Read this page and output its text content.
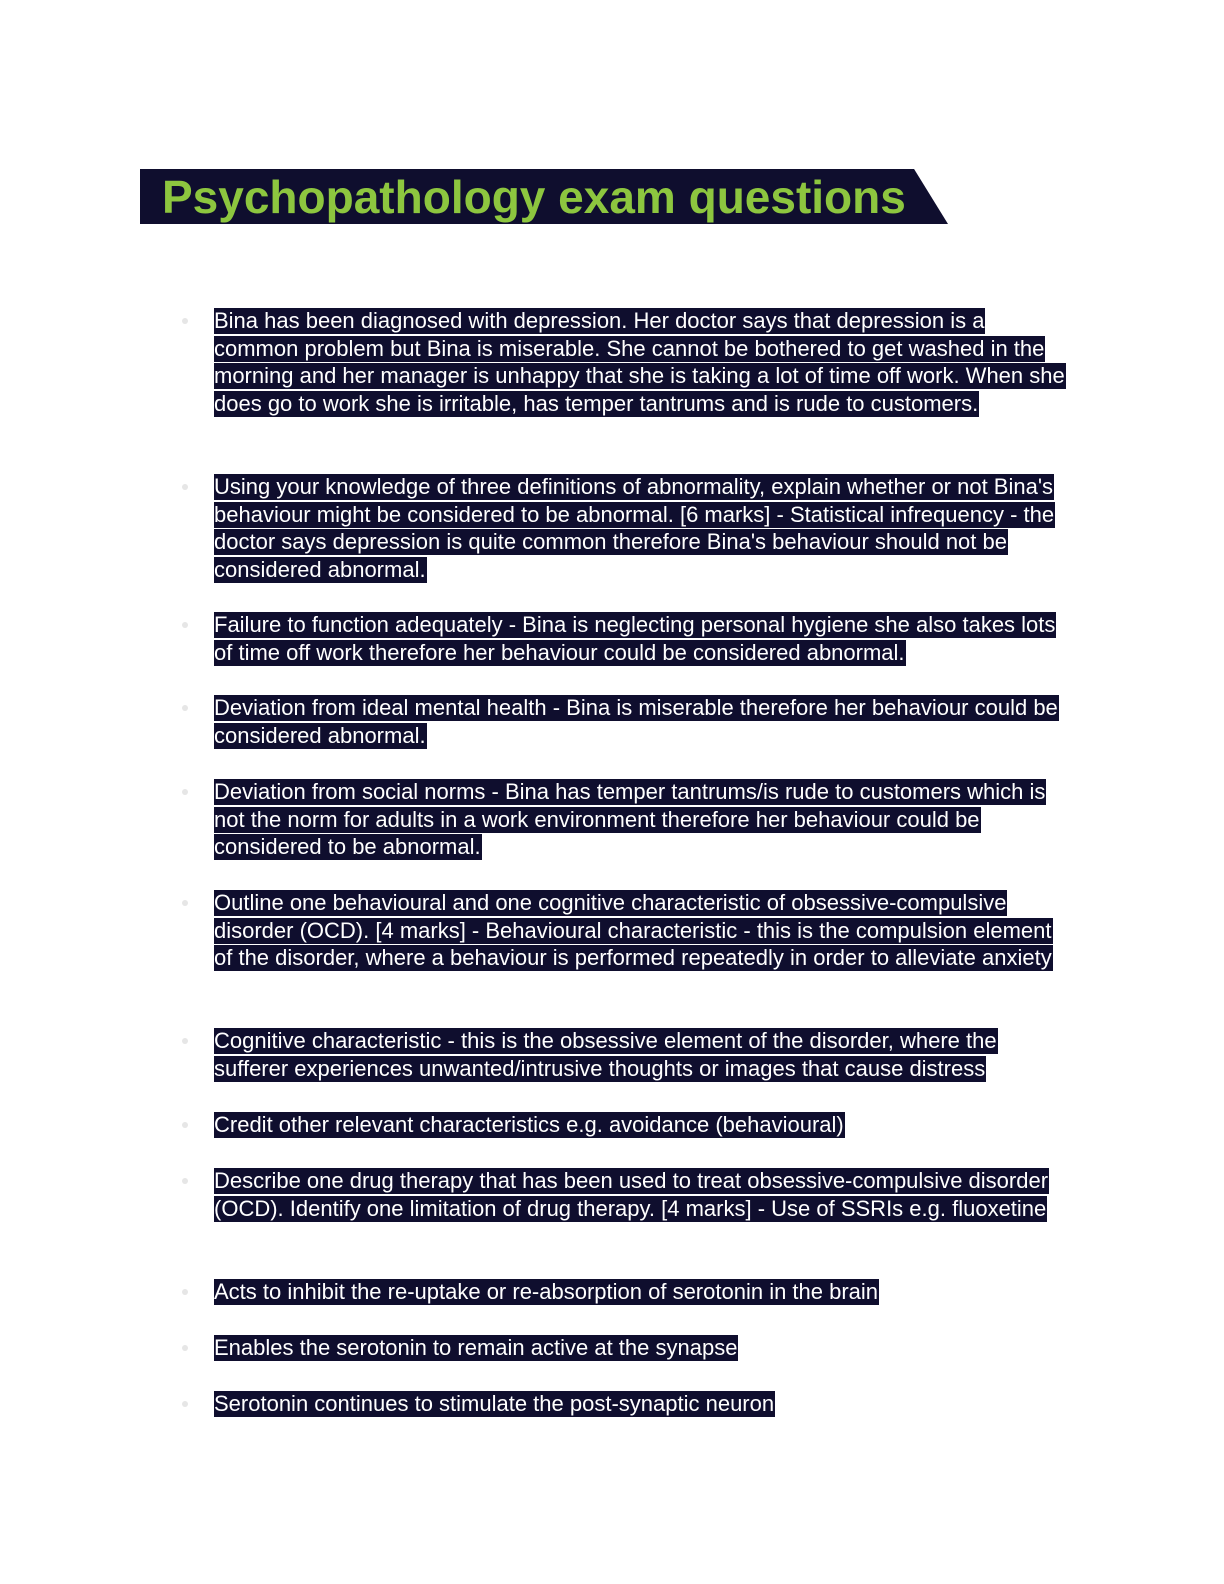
Psychopathology exam questions
Bina has been diagnosed with depression. Her doctor says that depression is a common problem but Bina is miserable. She cannot be bothered to get washed in the morning and her manager is unhappy that she is taking a lot of time off work. When she does go to work she is irritable, has temper tantrums and is rude to customers.
Using your knowledge of three definitions of abnormality, explain whether or not Bina's behaviour might be considered to be abnormal. [6 marks] - Statistical infrequency - the doctor says depression is quite common therefore Bina's behaviour should not be considered abnormal.
Failure to function adequately - Bina is neglecting personal hygiene she also takes lots of time off work therefore her behaviour could be considered abnormal.
Deviation from ideal mental health - Bina is miserable therefore her behaviour could be considered abnormal.
Deviation from social norms - Bina has temper tantrums/is rude to customers which is not the norm for adults in a work environment therefore her behaviour could be considered to be abnormal.
Outline one behavioural and one cognitive characteristic of obsessive-compulsive disorder (OCD). [4 marks] - Behavioural characteristic - this is the compulsion element of the disorder, where a behaviour is performed repeatedly in order to alleviate anxiety
Cognitive characteristic - this is the obsessive element of the disorder, where the sufferer experiences unwanted/intrusive thoughts or images that cause distress
Credit other relevant characteristics e.g. avoidance (behavioural)
Describe one drug therapy that has been used to treat obsessive-compulsive disorder (OCD). Identify one limitation of drug therapy. [4 marks] - Use of SSRIs e.g. fluoxetine
Acts to inhibit the re-uptake or re-absorption of serotonin in the brain
Enables the serotonin to remain active at the synapse
Serotonin continues to stimulate the post-synaptic neuron
